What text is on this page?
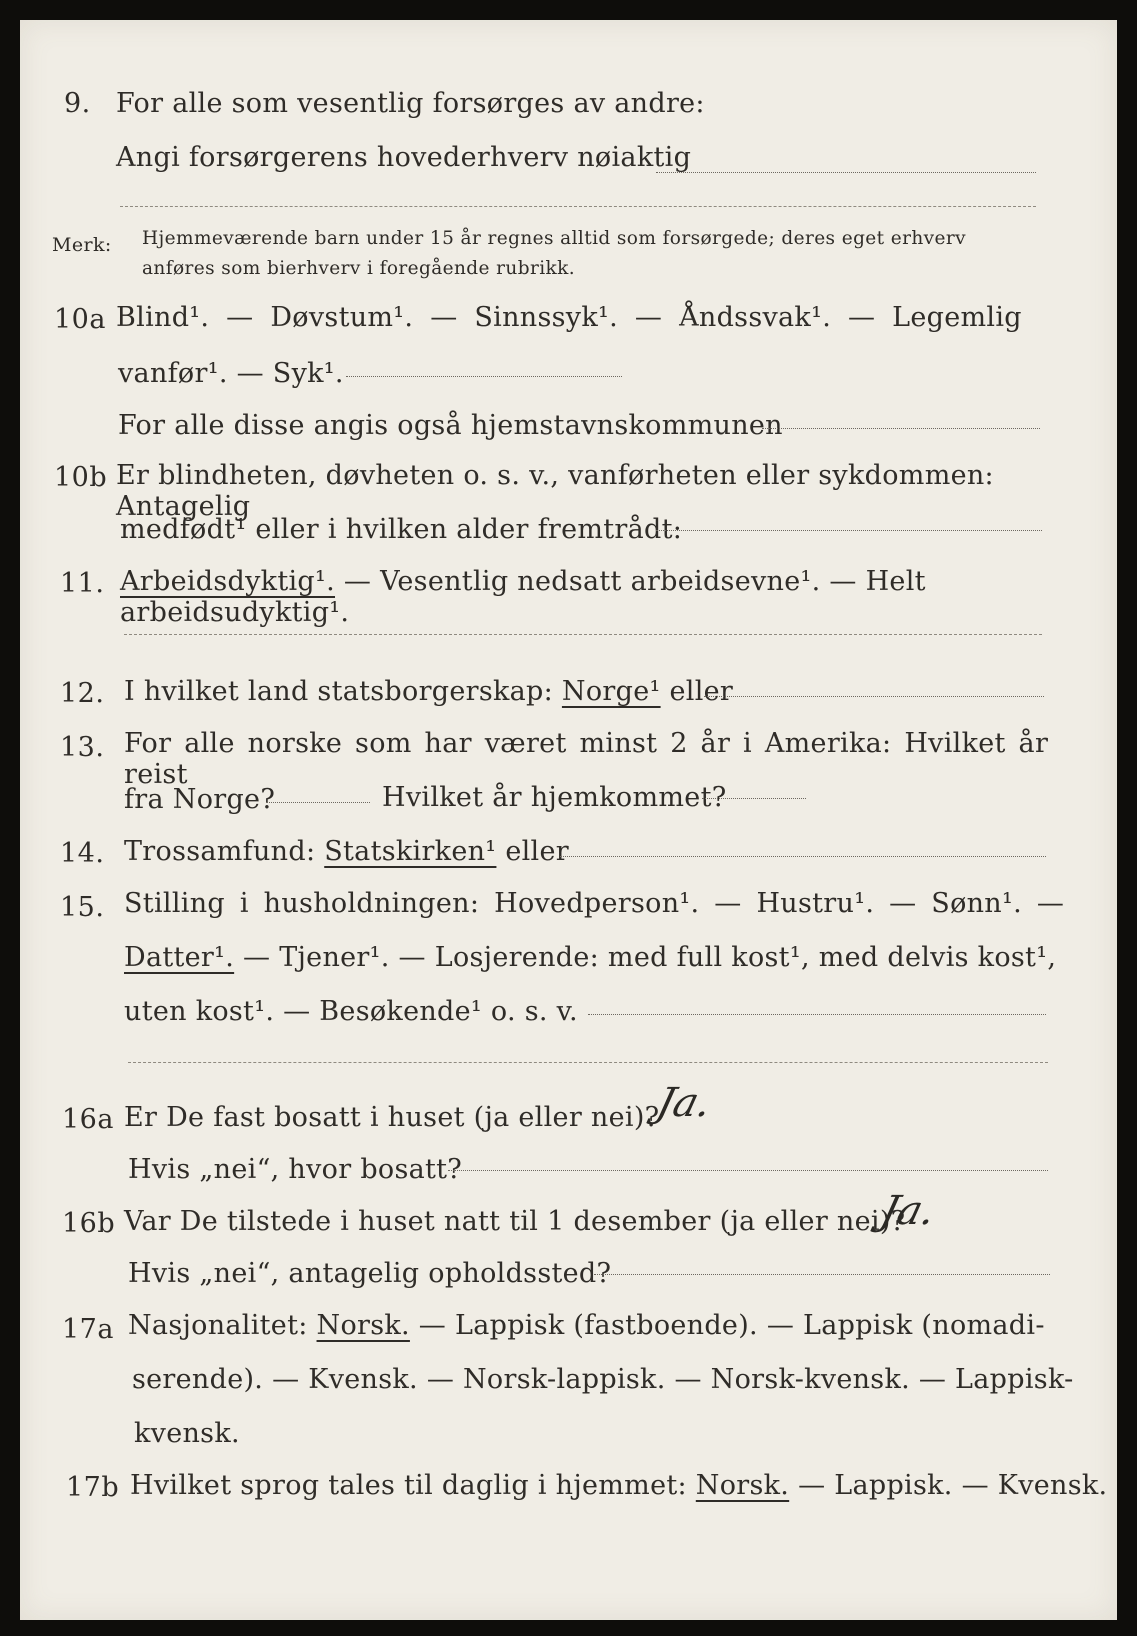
9. For alle som vesentlig forsørges av andre:
Angi forsørgerens hovederhverv nøiaktig
Merk: Hjemmeværende barn under 15 år regnes alltid som forsørgede; deres eget erhverv
anføres som bierhverv i foregående rubrikk.
10a Blind¹. — Døvstum¹. — Sinnssyk¹. — Åndssvak¹. — Legemlig
vanfør¹. — Syk¹.
For alle disse angis også hjemstavnskommunen
10b Er blindheten, døvheten o. s. v., vanførheten eller sykdommen: Antagelig
medfødt¹ eller i hvilken alder fremtrådt:
11. Arbeidsdyktig¹. — Vesentlig nedsatt arbeidsevne¹. — Helt arbeidsudyktig¹.
12. I hvilket land statsborgerskap: Norge¹ eller
13. For alle norske som har været minst 2 år i Amerika: Hvilket år reist
fra Norge?	Hvilket år hjemkommet?
14. Trossamfund: Statskirken¹ eller
15. Stilling i husholdningen: Hovedperson¹. — Hustru¹. — Sønn¹. —
Datter¹. — Tjener¹. — Losjerende: med full kost¹, med delvis kost¹,
uten kost¹. — Besøkende¹ o. s. v.
16a Er De fast bosatt i huset (ja eller nei)?
Ja.
Hvis „nei“, hvor bosatt?
16b Var De tilstede i huset natt til 1 desember (ja eller nei)?
Ja.
Hvis „nei“, antagelig opholdssted?
17a Nasjonalitet: Norsk. — Lappisk (fastboende). — Lappisk (nomadi-
serende). — Kvensk. — Norsk-lappisk. — Norsk-kvensk. — Lappisk-
kvensk.
17b Hvilket sprog tales til daglig i hjemmet: Norsk. — Lappisk. — Kvensk.
